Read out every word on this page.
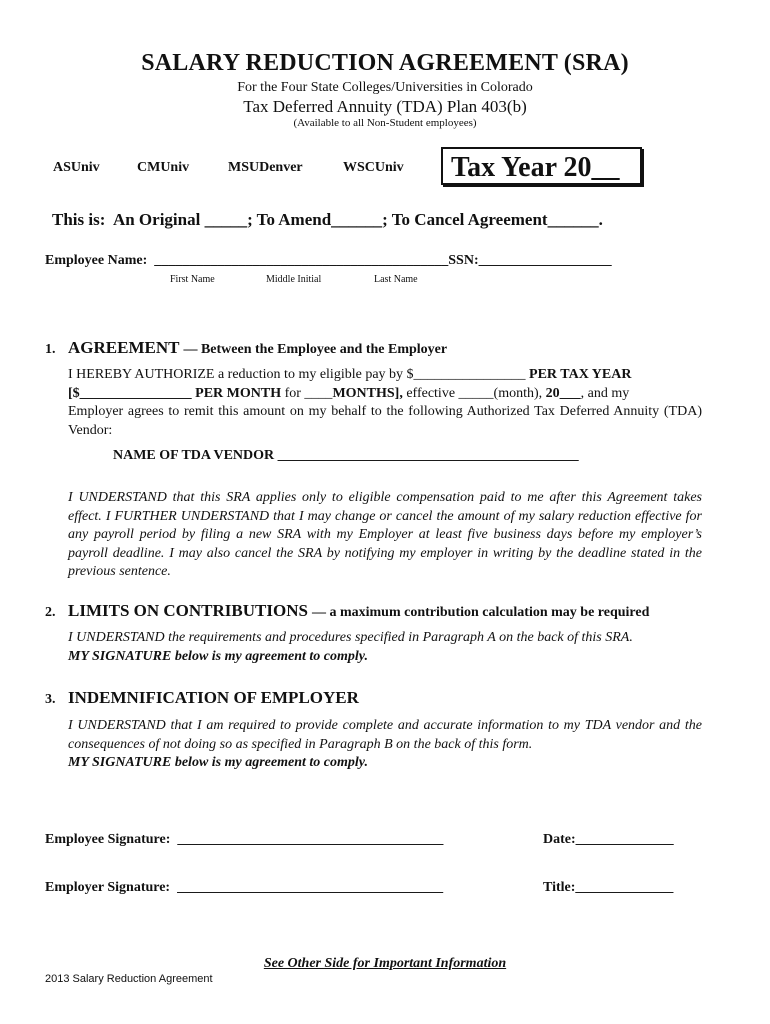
SALARY REDUCTION AGREEMENT (SRA)
For the Four State Colleges/Universities in Colorado
Tax Deferred Annuity (TDA) Plan 403(b)
(Available to all Non-Student employees)
ASUniv	CMUniv	MSUDenver	WSCUniv	Tax Year 20__
This is:  An Original _____; To Amend______; To Cancel Agreement______.
Employee Name: __________________________________________SSN:___________________
First Name	Middle Initial	Last Name
1. AGREEMENT — Between the Employee and the Employer
I HEREBY AUTHORIZE a reduction to my eligible pay by $________________ PER TAX YEAR
[$________________ PER MONTH for ____MONTHS], effective _____(month), 20___, and my
Employer agrees to remit this amount on my behalf to the following Authorized Tax Deferred Annuity (TDA) Vendor:
NAME OF TDA VENDOR ___________________________________________
I UNDERSTAND that this SRA applies only to eligible compensation paid to me after this Agreement takes effect. I FURTHER UNDERSTAND that I may change or cancel the amount of my salary reduction effective for any payroll period by filing a new SRA with my Employer at least five business days before my employer’s payroll deadline. I may also cancel the SRA by notifying my employer in writing by the deadline stated in the previous sentence.
2. LIMITS ON CONTRIBUTIONS — a maximum contribution calculation may be required
I UNDERSTAND the requirements and procedures specified in Paragraph A on the back of this SRA.
MY SIGNATURE below is my agreement to comply.
3. INDEMNIFICATION OF EMPLOYER
I UNDERSTAND that I am required to provide complete and accurate information to my TDA vendor and the consequences of not doing so as specified in Paragraph B on the back of this form.
MY SIGNATURE below is my agreement to comply.
Employee Signature: ______________________________________	Date:______________
Employer Signature: ______________________________________	Title:______________
See Other Side for Important Information
2013 Salary Reduction Agreement
